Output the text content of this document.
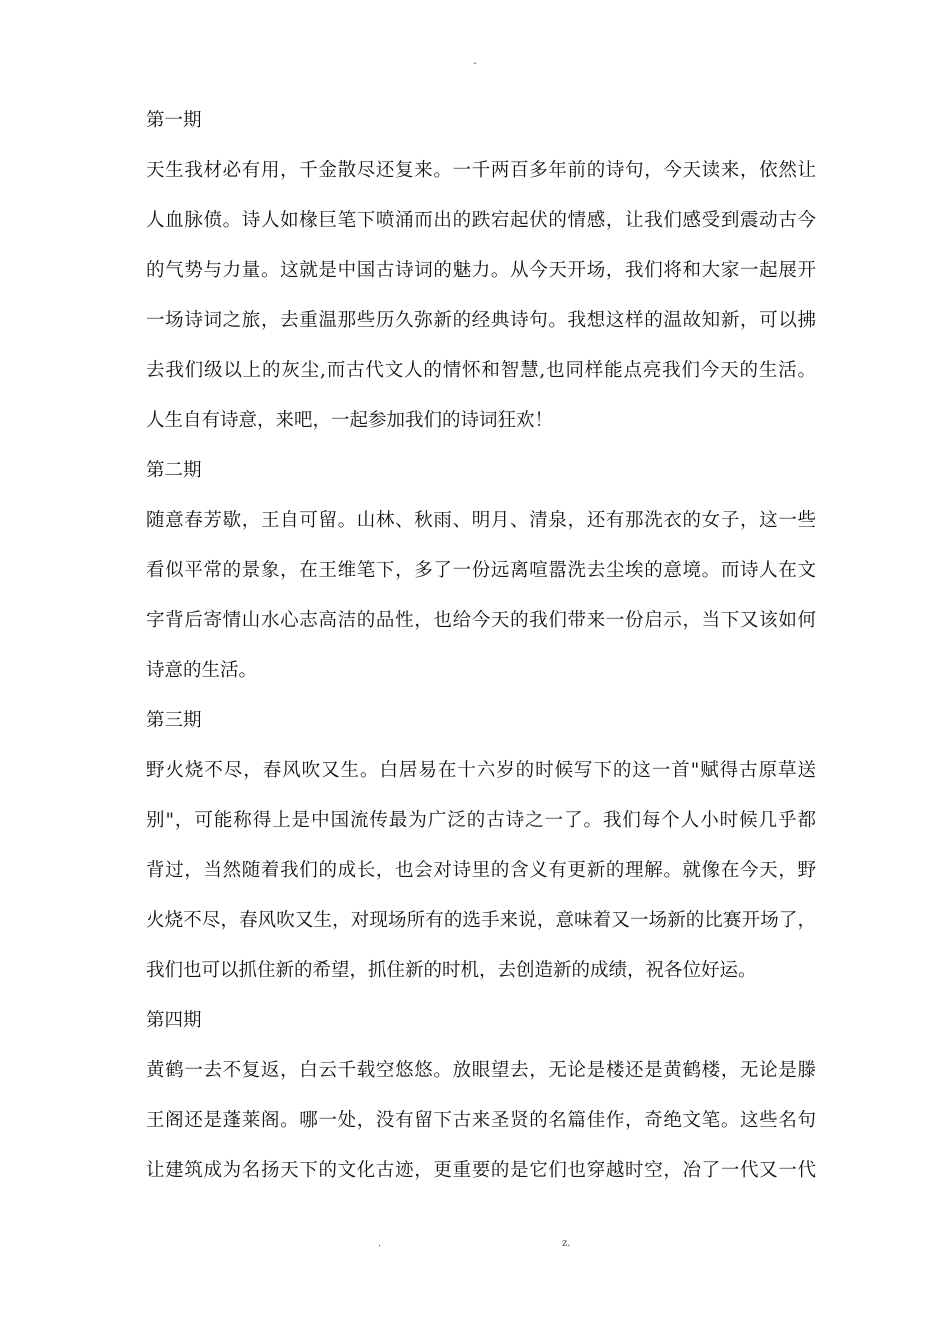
-
第一期
天生我材必有用，千金散尽还复来。一千两百多年前的诗句，今天读来，依然让
人血脉偾。诗人如椽巨笔下喷涌而出的跌宕起伏的情感，让我们感受到震动古今
的气势与力量。这就是中国古诗词的魅力。从今天开场，我们将和大家一起展开
一场诗词之旅，去重温那些历久弥新的经典诗句。我想这样的温故知新，可以拂
去我们级以上的灰尘,而古代文人的情怀和智慧,也同样能点亮我们今天的生活。
人生自有诗意，来吧，一起参加我们的诗词狂欢！
第二期
随意春芳歇，王自可留。山林、秋雨、明月、清泉，还有那洗衣的女子，这一些
看似平常的景象，在王维笔下，多了一份远离喧嚣洗去尘埃的意境。而诗人在文
字背后寄情山水心志高洁的品性，也给今天的我们带来一份启示，当下又该如何
诗意的生活。
第三期
野火烧不尽，春风吹又生。白居易在十六岁的时候写下的这一首"赋得古原草送
别"，可能称得上是中国流传最为广泛的古诗之一了。我们每个人小时候几乎都
背过，当然随着我们的成长，也会对诗里的含义有更新的理解。就像在今天，野
火烧不尽，春风吹又生，对现场所有的选手来说，意味着又一场新的比赛开场了，
我们也可以抓住新的希望，抓住新的时机，去创造新的成绩，祝各位好运。
第四期
黄鹤一去不复返，白云千载空悠悠。放眼望去，无论是楼还是黄鹤楼，无论是滕
王阁还是蓬莱阁。哪一处，没有留下古来圣贤的名篇佳作，奇绝文笔。这些名句
让建筑成为名扬天下的文化古迹，更重要的是它们也穿越时空，冶了一代又一代
.	z.
